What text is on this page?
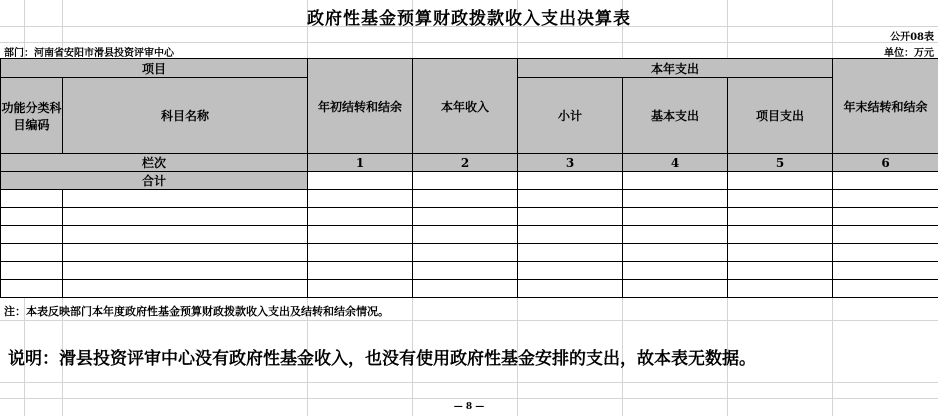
政府性基金预算财政拨款收入支出决算表
公开08表
部门：河南省安阳市滑县投资评审中心	单位：万元
项目		年初结转和结余	本年收入	本年支出			年末结转和结余
功能分类科目编码	科目名称			小计	基本支出	项目支出	
栏次		1	2	3	4	5	6
合计							

注：本表反映部门本年度政府性基金预算财政拨款收入支出及结转和结余情况。
说明：滑县投资评审中心没有政府性基金收入，也没有使用政府性基金安排的支出，故本表无数据。
— 8 —
